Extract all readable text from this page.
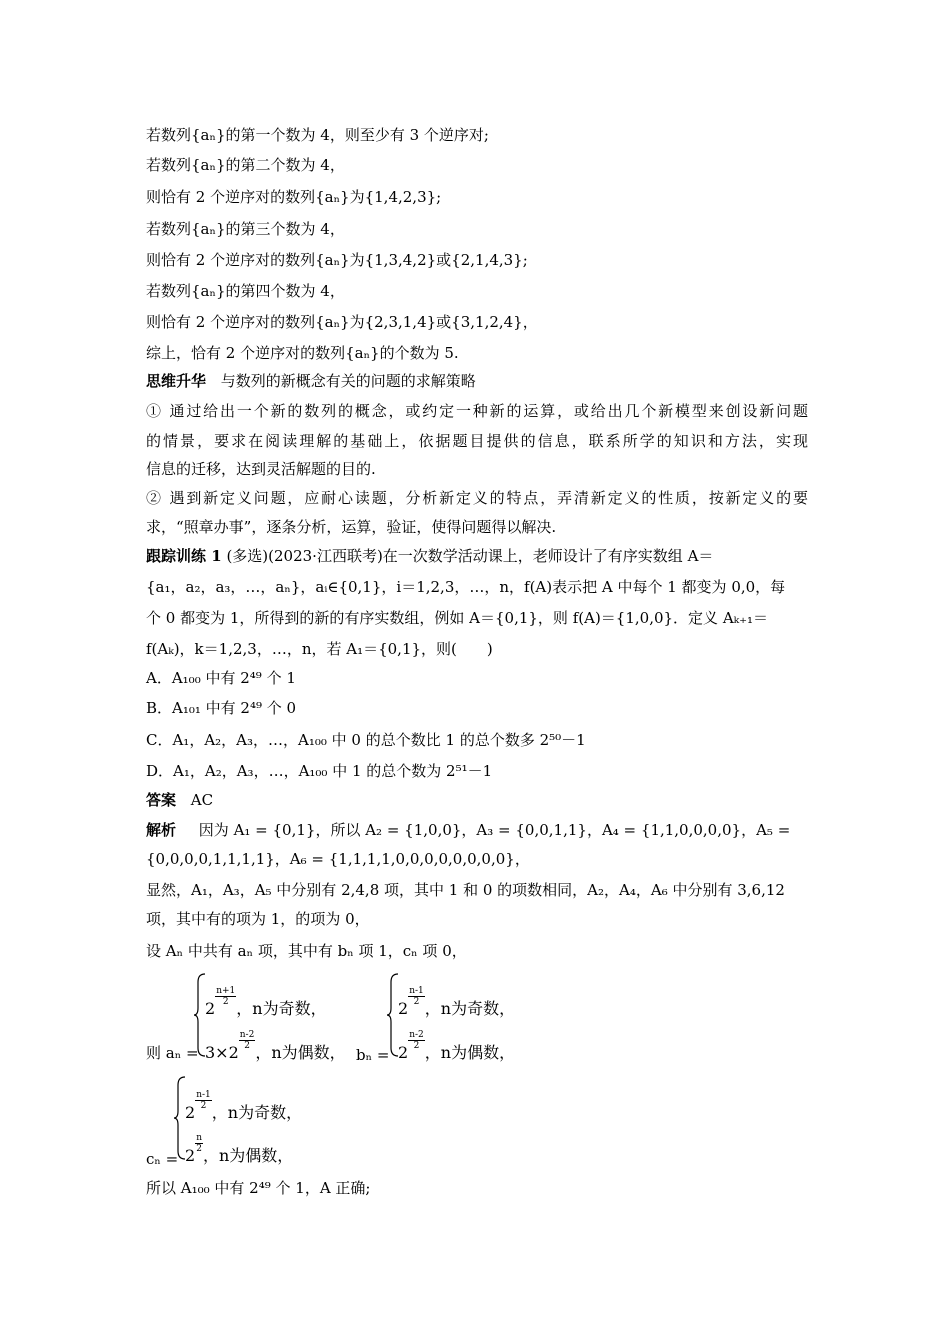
若数列{aₙ}的第一个数为 4，则至少有 3 个逆序对;
若数列{aₙ}的第二个数为 4，
则恰有 2 个逆序对的数列{aₙ}为{1,4,2,3};
若数列{aₙ}的第三个数为 4，
则恰有 2 个逆序对的数列{aₙ}为{1,3,4,2}或{2,1,4,3};
若数列{aₙ}的第四个数为 4，
则恰有 2 个逆序对的数列{aₙ}为{2,3,1,4}或{3,1,2,4}，
综上，恰有 2 个逆序对的数列{aₙ}的个数为 5.
思维升华 与数列的新概念有关的问题的求解策略
① 通过给出一个新的数列的概念，或约定一种新的运算，或给出几个新模型来创设新问题
的情景，要求在阅读理解的基础上，依据题目提供的信息，联系所学的知识和方法，实现
信息的迁移，达到灵活解题的目的.
② 遇到新定义问题，应耐心读题，分析新定义的特点，弄清新定义的性质，按新定义的要
求，“照章办事”，逐条分析，运算，验证，使得问题得以解决.
跟踪训练 1 (多选)(2023·江西联考)在一次数学活动课上，老师设计了有序实数组 A＝
{a₁，a₂，a₃，…，aₙ}，aᵢ∈{0,1}，i＝1,2,3，…，n，f(A)表示把 A 中每个 1 都变为 0,0，每
个 0 都变为 1，所得到的新的有序实数组，例如 A＝{0,1}，则 f(A)＝{1,0,0}．定义 Aₖ₊₁＝
f(Aₖ)，k＝1,2,3，…，n，若 A₁＝{0,1}，则(　　)
A．A₁₀₀ 中有 2⁴⁹ 个 1
B．A₁₀₁ 中有 2⁴⁹ 个 0
C．A₁，A₂，A₃，…，A₁₀₀ 中 0 的总个数比 1 的总个数多 2⁵⁰－1
D．A₁，A₂，A₃，…，A₁₀₀ 中 1 的总个数为 2⁵¹－1
答案 AC
解析 因为 A₁ = {0,1}，所以 A₂ = {1,0,0}，A₃ = {0,0,1,1}，A₄ = {1,1,0,0,0,0}，A₅ =
{0,0,0,0,1,1,1,1}，A₆ = {1,1,1,1,0,0,0,0,0,0,0,0}，
显然，A₁，A₃，A₅ 中分别有 2,4,8 项，其中 1 和 0 的项数相同，A₂，A₄，A₆ 中分别有 3,6,12
项，其中有的项为 1，的项为 0，
设 Aₙ 中共有 aₙ 项，其中有 bₙ 项 1，cₙ 项 0，
则 aₙ =
2
$\frac{n+1}{2}$
，n为奇数，
3×2
$\frac{n-2}{2}$
，n为偶数， bₙ =
2
$\frac{n-1}{2}$
，n为奇数，
2
$\frac{n-2}{2}$
，n为偶数，
cₙ =
2
$\frac{n-1}{2}$
，n为奇数，
2
$\frac{n}{2}$
，n为偶数，
所以 A₁₀₀ 中有 2⁴⁹ 个 1，A 正确;
